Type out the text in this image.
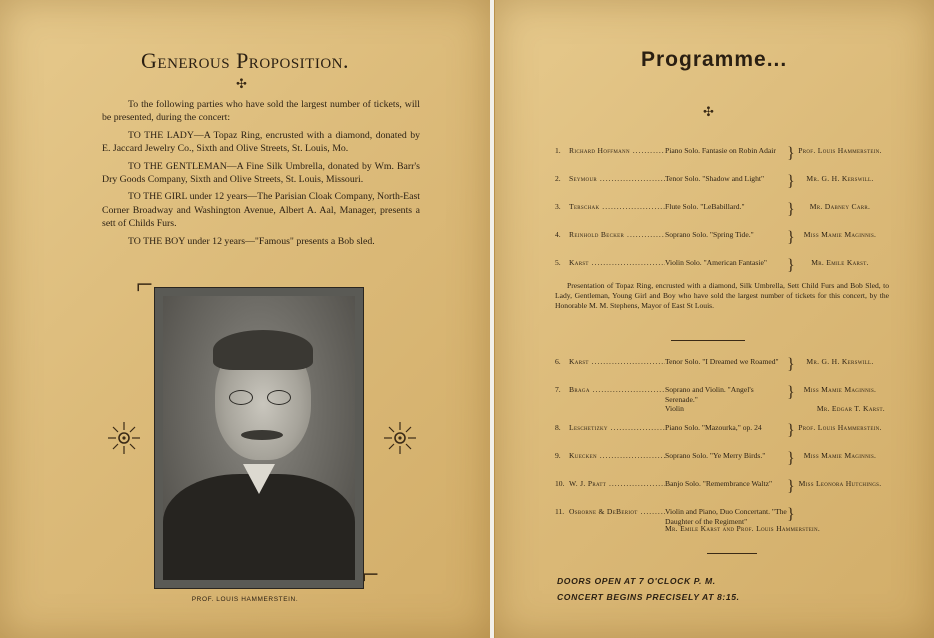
Generous Proposition.
✣

To the following parties who have sold the largest number of tickets, will be presented, during the concert:

TO THE LADY—A Topaz Ring, encrusted with a diamond, donated by E. Jaccard Jewelry Co., Sixth and Olive Streets, St. Louis, Mo.

TO THE GENTLEMAN—A Fine Silk Umbrella, donated by Wm. Barr's Dry Goods Company, Sixth and Olive Streets, St. Louis, Missouri.

TO THE GIRL under 12 years—The Parisian Cloak Company, North-East Corner Broadway and Washington Avenue, Albert A. Aal, Manager, presents a sett of Childs Furs.

TO THE BOY under 12 years—"Famous" presents a Bob sled.

⌐
⌐
PROF. LOUIS HAMMERSTEIN.
Programme...
✣
1.	Richard Hoffmann .....	Piano Solo. Fantasie on Robin Adair } Prof. Louis Hammerstein.
2.	Seymour .....	Tenor Solo. "Shadow and Light"	}	Mr. G. H. Kerswill.
3.	Terschak .....	Flute Solo. "LeBabillard."	}	Mr. Dabney Carr.
4.	Reinhold Becker .....	Soprano Solo. "Spring Tide."	}	Miss Mamie Maginnis.
5.	Karst .....	Violin Solo. "American Fantasie"	}	Mr. Emile Karst.
Presentation of Topaz Ring, encrusted with a diamond, Silk Umbrella, Sett Child Furs and Bob Sled, to Lady, Gentleman, Young Girl and Boy who have sold the largest number of tickets for this concert, by the Honorable M. M. Stephens, Mayor of East St Louis.
6.	Karst .....	Tenor Solo. "I Dreamed we Roamed" }	Mr. G. H. Kerswill.
7.	Braga .....	Soprano and Violin. "Angel's Serenade."	}	Miss Mamie Maginnis.
Violin	Mr. Edgar T. Karst.
8.	Leschetizky .....	Piano Solo. "Mazourka," op. 24	} Prof. Louis Hammerstein.
9.	Kuecken .....	Soprano Solo. "Ye Merry Birds."	}	Miss Mamie Maginnis.
10. W. J. Pratt .....	Banjo Solo. "Remembrance Waltz" } Miss Leonora Hutchings.
11. Osborne & DeBeriot .....	Violin and Piano, Duo Concertant. "The Daughter of the Regiment"	}
Mr. Emile Karst and Prof. Louis Hammerstein.
DOORS OPEN AT 7 O'CLOCK P. M.
CONCERT BEGINS PRECISELY AT 8:15.
